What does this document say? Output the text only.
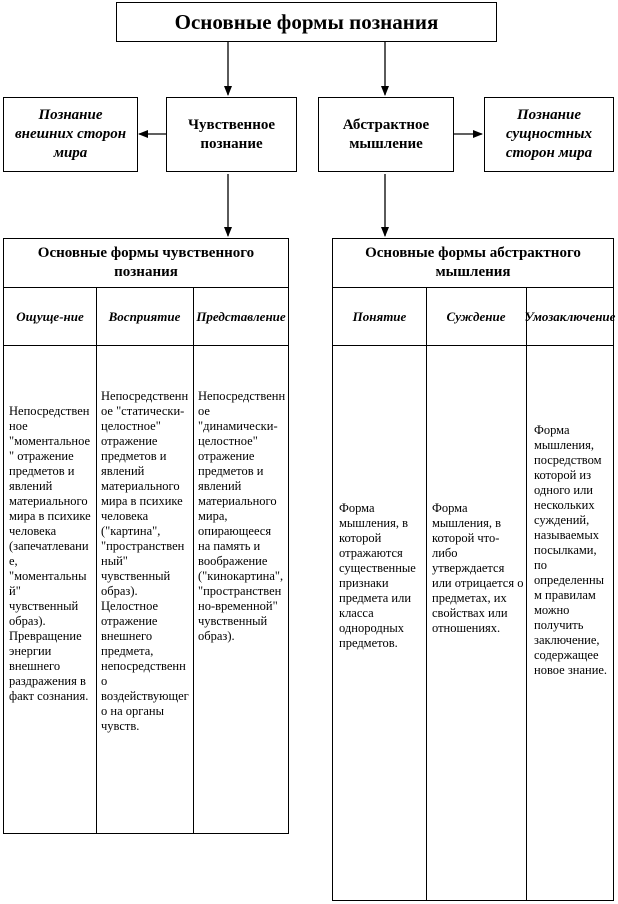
Основные формы познания
Познание внешних сторон мира
Чувственное познание
Абстрактное мышление
Познание сущностных сторон мира
Основные формы чувственного познания
Ощуще-ние Восприятие Представление
Непосредственное "моментальное" отражение предметов и явлений материального мира в психике человека (запечатлевание, "моментальный" чувственный образ). Превращение энергии внешнего раздражения в факт сознания.
Непосредственное "статически-целостное" отражение предметов и явлений материального мира в психике человека ("картина", "пространственный" чувственный образ). Целостное отражение внешнего предмета, непосредственно воздействующего на органы чувств.
Непосредственное "динамически-целостное" отражение предметов и явлений материального мира, опирающееся на память и воображение ("кинокартина", "пространственно-временной" чувственный образ).
Основные формы абстрактного мышления
Понятие	Суждение Умозаключение
Форма мышления, в которой отражаются существенные признаки предмета или класса однородных предметов.
Форма мышления, в которой что-либо утверждается или отрицается о предметах, их свойствах или отношениях.
Форма мышления, посредством которой из одного или нескольких суждений, называемых посылками, по определенным правилам можно получить заключение, содержащее новое знание.
